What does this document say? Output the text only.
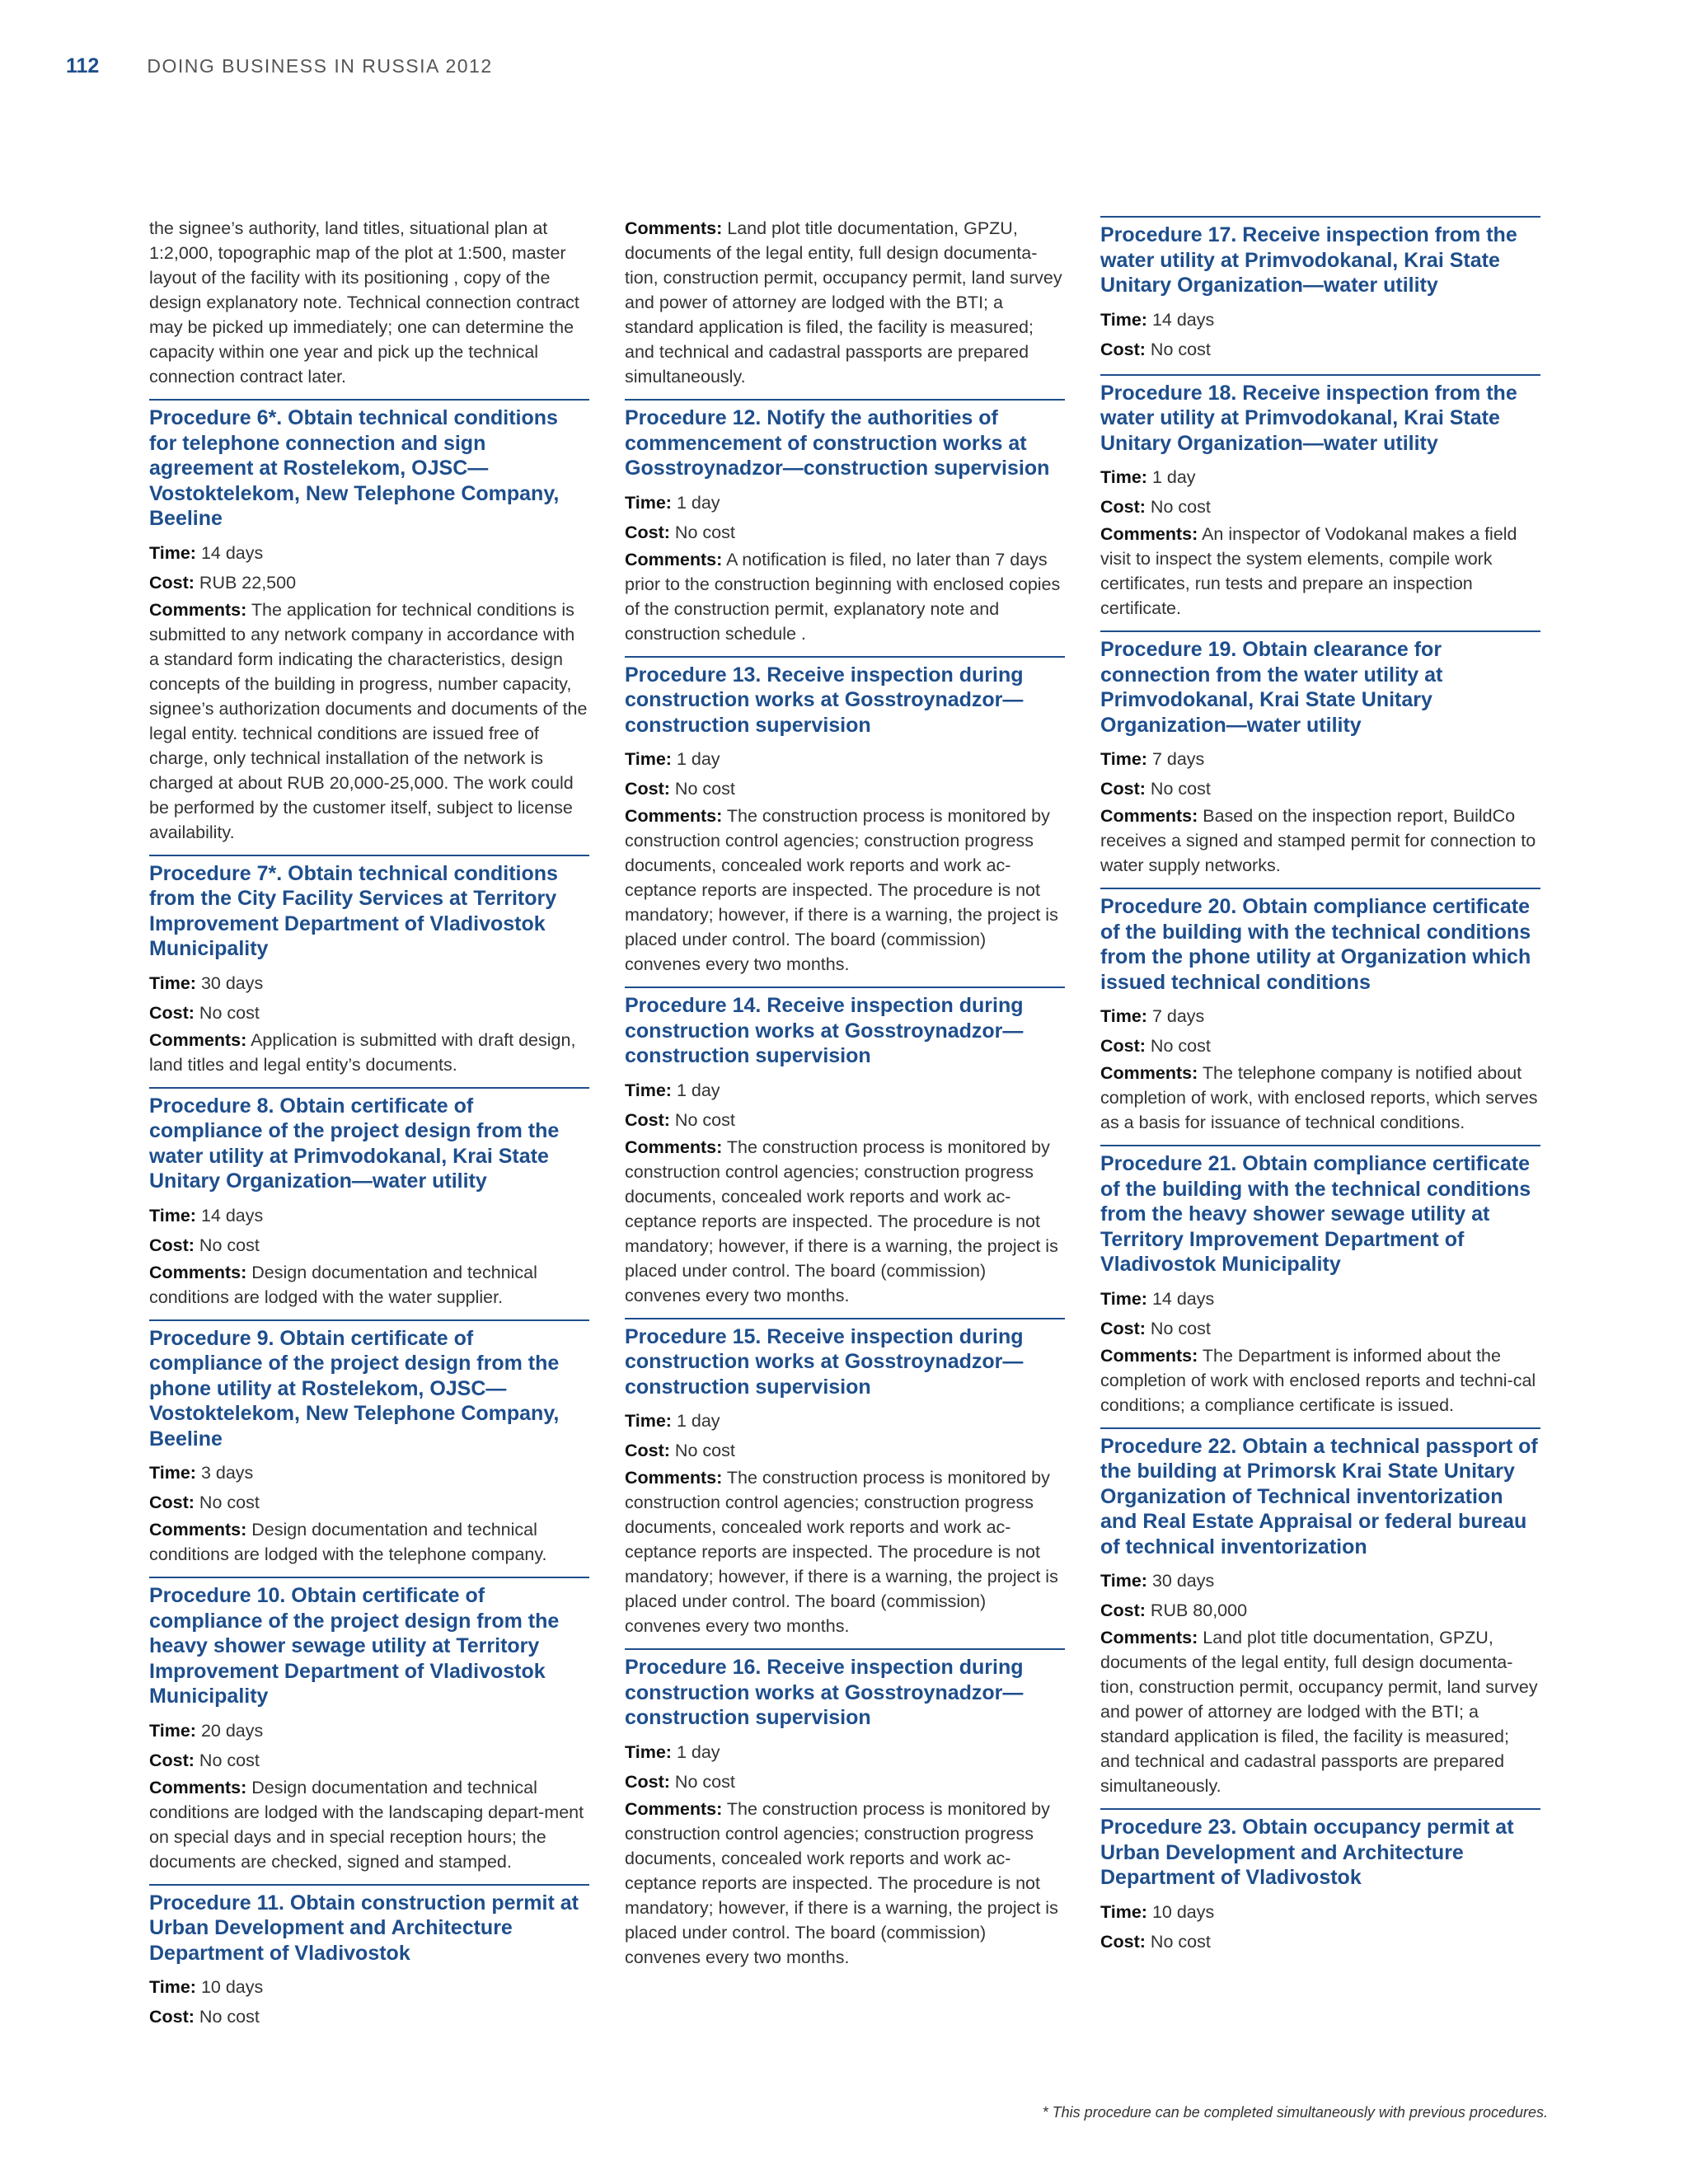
112	DOING BUSINESS IN RUSSIA 2012
the signee’s authority, land titles, situational plan at 1:2,000, topographic map of the plot at 1:500, master layout of the facility with its positioning , copy of the design explanatory note. Technical connection contract may be picked up immediately; one can determine the capacity within one year and pick up the technical connection contract later.
Procedure 6*. Obtain technical conditions for telephone connection and sign agreement at Rostelekom, OJSC—Vostoktelekom, New Telephone Company, Beeline
Time: 14 days
Cost: RUB 22,500
Comments: The application for technical conditions is submitted to any network company in accordance with a standard form indicating the characteristics, design concepts of the building in progress, number capacity, signee’s authorization documents and documents of the legal entity. technical conditions are issued free of charge, only technical installation of the network is charged at about RUB 20,000-25,000. The work could be performed by the customer itself, subject to license availability.
Procedure 7*. Obtain technical conditions from the City Facility Services at Territory Improvement Department of Vladivostok Municipality
Time: 30 days
Cost: No cost
Comments: Application is submitted with draft design, land titles and legal entity’s documents.
Procedure 8. Obtain certificate of compliance of the project design from the water utility at Primvodokanal, Krai State Unitary Organization—water utility
Time: 14 days
Cost: No cost
Comments: Design documentation and technical conditions are lodged with the water supplier.
Procedure 9. Obtain certificate of compliance of the project design from the phone utility at Rostelekom, OJSC—Vostoktelekom, New Telephone Company, Beeline
Time: 3 days
Cost: No cost
Comments: Design documentation and technical conditions are lodged with the telephone company.
Procedure 10. Obtain certificate of compliance of the project design from the heavy shower sewage utility at Territory Improvement Department of Vladivostok Municipality
Time: 20 days
Cost: No cost
Comments: Design documentation and technical conditions are lodged with the landscaping depart-ment on special days and in special reception hours; the documents are checked, signed and stamped.
Procedure 11. Obtain construction permit at Urban Development and Architecture Department of Vladivostok
Time: 10 days
Cost: No cost
Comments: Land plot title documentation, GPZU, documents of the legal entity, full design documenta-tion, construction permit, occupancy permit, land survey and power of attorney are lodged with the BTI; a standard application is filed, the facility is measured; and technical and cadastral passports are prepared simultaneously.
Procedure 12. Notify the authorities of commencement of construction works at Gosstroynadzor—construction supervision
Time: 1 day
Cost: No cost
Comments: A notification is filed, no later than 7 days prior to the construction beginning with enclosed copies of the construction permit, explanatory note and construction schedule .
Procedure 13. Receive inspection during construction works at Gosstroynadzor—construction supervision
Time: 1 day
Cost: No cost
Comments: The construction process is monitored by construction control agencies; construction progress documents, concealed work reports and work ac-ceptance reports are inspected. The procedure is not mandatory; however, if there is a warning, the project is placed under control. The board (commission) convenes every two months.
Procedure 14. Receive inspection during construction works at Gosstroynadzor—construction supervision
Time: 1 day
Cost: No cost
Comments: The construction process is monitored by construction control agencies; construction progress documents, concealed work reports and work ac-ceptance reports are inspected. The procedure is not mandatory; however, if there is a warning, the project is placed under control. The board (commission) convenes every two months.
Procedure 15. Receive inspection during construction works at Gosstroynadzor—construction supervision
Time: 1 day
Cost: No cost
Comments: The construction process is monitored by construction control agencies; construction progress documents, concealed work reports and work ac-ceptance reports are inspected. The procedure is not mandatory; however, if there is a warning, the project is placed under control. The board (commission) convenes every two months.
Procedure 16. Receive inspection during construction works at Gosstroynadzor—construction supervision
Time: 1 day
Cost: No cost
Comments: The construction process is monitored by construction control agencies; construction progress documents, concealed work reports and work ac-ceptance reports are inspected. The procedure is not mandatory; however, if there is a warning, the project is placed under control. The board (commission) convenes every two months.
Procedure 17. Receive inspection from the water utility at Primvodokanal, Krai State Unitary Organization—water utility
Time: 14 days
Cost: No cost
Procedure 18. Receive inspection from the water utility at Primvodokanal, Krai State Unitary Organization—water utility
Time: 1 day
Cost: No cost
Comments: An inspector of Vodokanal makes a field visit to inspect the system elements, compile work certificates, run tests and prepare an inspection certificate.
Procedure 19. Obtain clearance for connection from the water utility at Primvodokanal, Krai State Unitary Organization—water utility
Time: 7 days
Cost: No cost
Comments: Based on the inspection report, BuildCo receives a signed and stamped permit for connection to water supply networks.
Procedure 20. Obtain compliance certificate of the building with the technical conditions from the phone utility at Organization which issued technical conditions
Time: 7 days
Cost: No cost
Comments: The telephone company is notified about completion of work, with enclosed reports, which serves as a basis for issuance of technical conditions.
Procedure 21. Obtain compliance certificate of the building with the technical conditions from the heavy shower sewage utility at Territory Improvement Department of Vladivostok Municipality
Time: 14 days
Cost: No cost
Comments: The Department is informed about the completion of work with enclosed reports and techni-cal conditions; a compliance certificate is issued.
Procedure 22. Obtain a technical passport of the building at Primorsk Krai State Unitary Organization of Technical inventorization and Real Estate Appraisal or federal bureau of technical inventorization
Time: 30 days
Cost: RUB 80,000
Comments: Land plot title documentation, GPZU, documents of the legal entity, full design documenta-tion, construction permit, occupancy permit, land survey and power of attorney are lodged with the BTI; a standard application is filed, the facility is measured; and technical and cadastral passports are prepared simultaneously.
Procedure 23. Obtain occupancy permit at Urban Development and Architecture Department of Vladivostok
Time: 10 days
Cost: No cost
* This procedure can be completed simultaneously with previous procedures.
